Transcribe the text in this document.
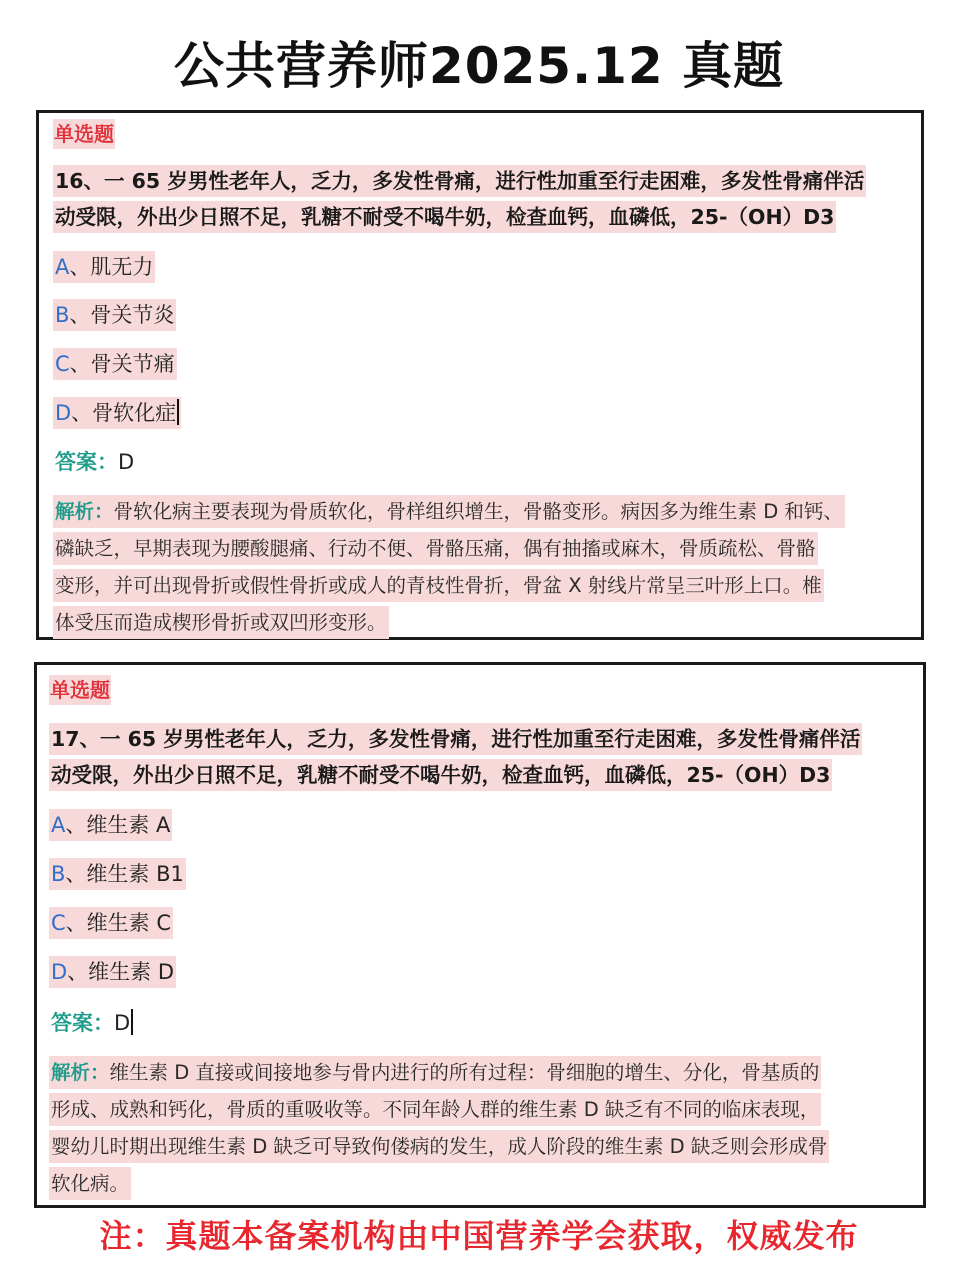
公共营养师2025.12 真题
单选题
16、一 65 岁男性老年人，乏力，多发性骨痛，进行性加重至行走困难，多发性骨痛伴活
动受限，外出少日照不足，乳糖不耐受不喝牛奶，检查血钙，血磷低，25-（OH）D3
A、肌无力
B、骨关节炎
C、骨关节痛
D、骨软化症
答案：D
解析：骨软化病主要表现为骨质软化，骨样组织增生，骨骼变形。病因多为维生素 D 和钙、
磷缺乏，早期表现为腰酸腿痛、行动不便、骨骼压痛，偶有抽搐或麻木，骨质疏松、骨骼
变形，并可出现骨折或假性骨折或成人的青枝性骨折，骨盆 X 射线片常呈三叶形上口。椎
体受压而造成楔形骨折或双凹形变形。
单选题
17、一 65 岁男性老年人，乏力，多发性骨痛，进行性加重至行走困难，多发性骨痛伴活
动受限，外出少日照不足，乳糖不耐受不喝牛奶，检查血钙，血磷低，25-（OH）D3
A、维生素 A
B、维生素 B1
C、维生素 C
D、维生素 D
答案：D
解析：维生素 D 直接或间接地参与骨内进行的所有过程：骨细胞的增生、分化，骨基质的
形成、成熟和钙化，骨质的重吸收等。不同年龄人群的维生素 D 缺乏有不同的临床表现，
婴幼儿时期出现维生素 D 缺乏可导致佝偻病的发生，成人阶段的维生素 D 缺乏则会形成骨
软化病。
注：真题本备案机构由中国营养学会获取，权威发布
